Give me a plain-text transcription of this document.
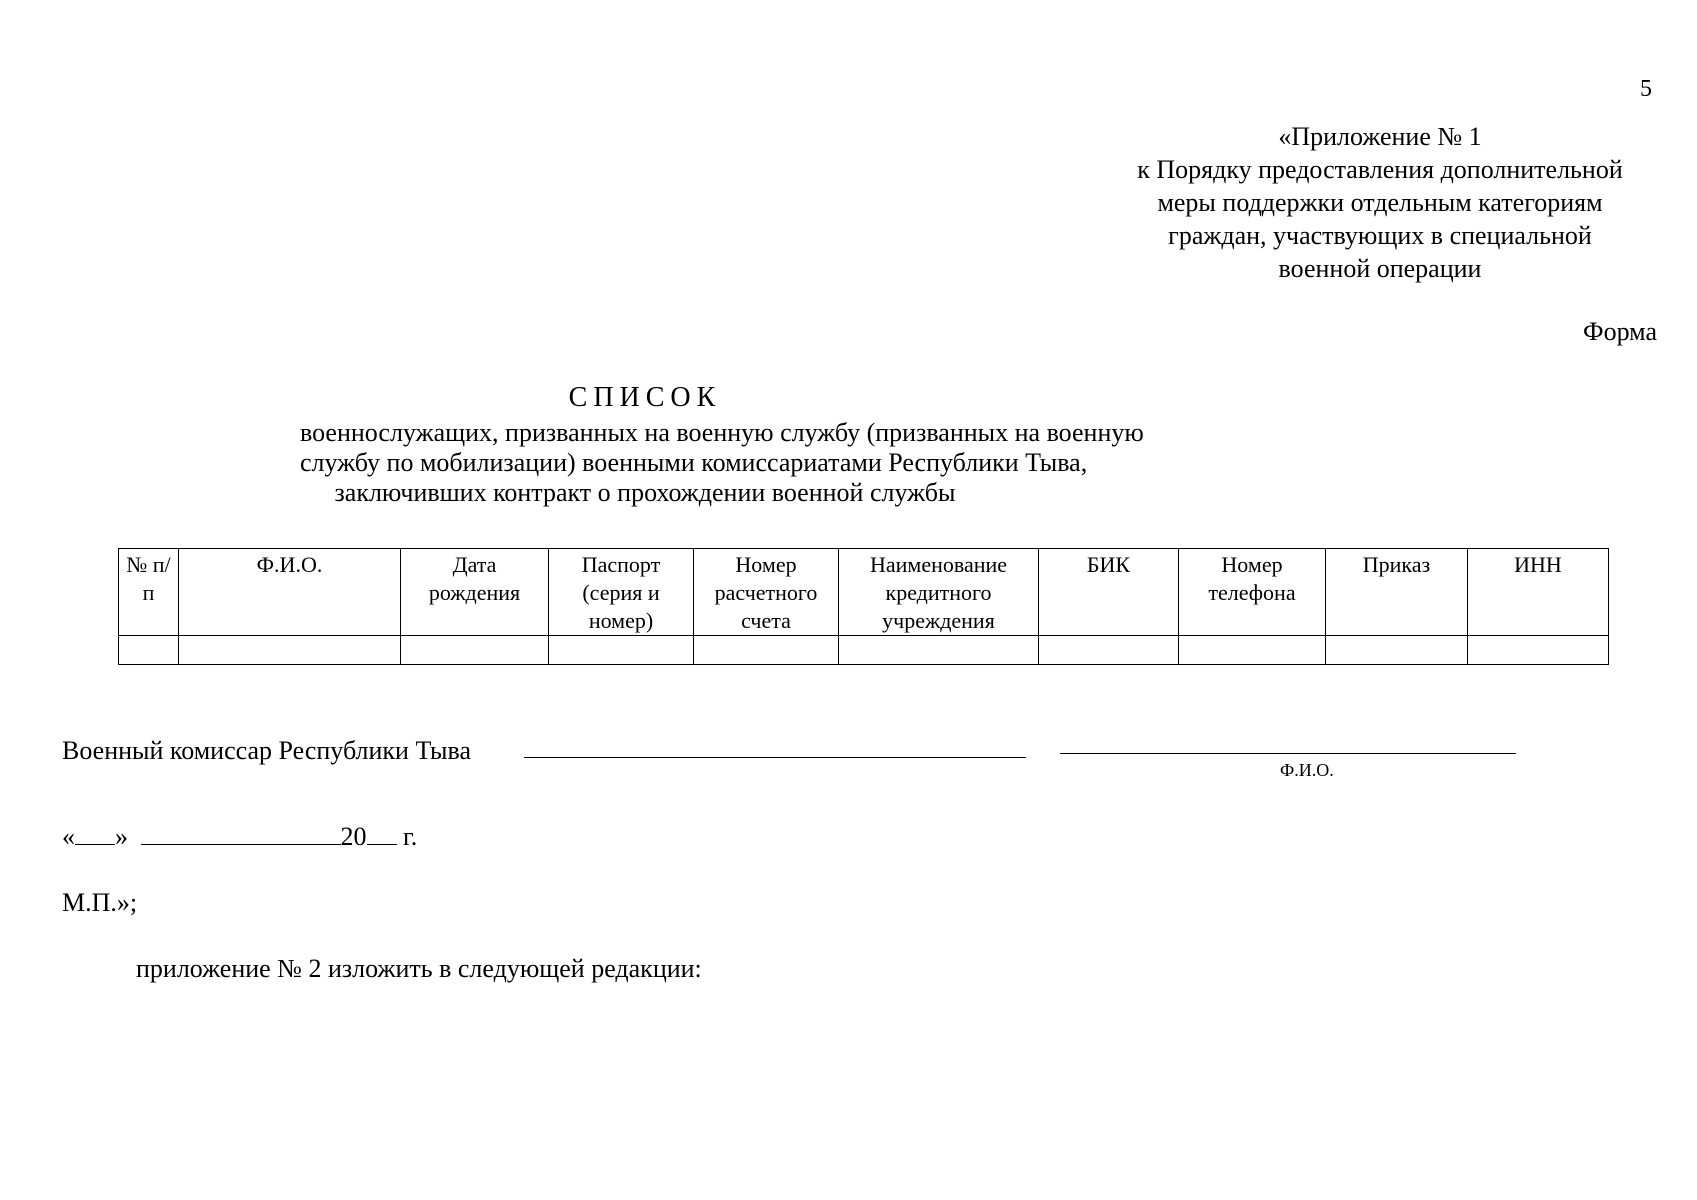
5
«Приложение № 1
к Порядку предоставления дополнительной
меры поддержки отдельным категориям
граждан, участвующих в специальной
военной операции
Форма
СПИСОК
военнослужащих, призванных на военную службу (призванных на военную
службу по мобилизации) военными комиссариатами Республики Тыва,
заключивших контракт о прохождении военной службы
№ п/п	Ф.И.О.	Дата рождения	Паспорт (серия и номер)	Номер расчетного счета	Наименование кредитного учреждения	БИК	Номер телефона	Приказ	ИНН

Военный комиссар Республики Тыва
Ф.И.О.
« »	20 г.
М.П.»;
приложение № 2 изложить в следующей редакции:
